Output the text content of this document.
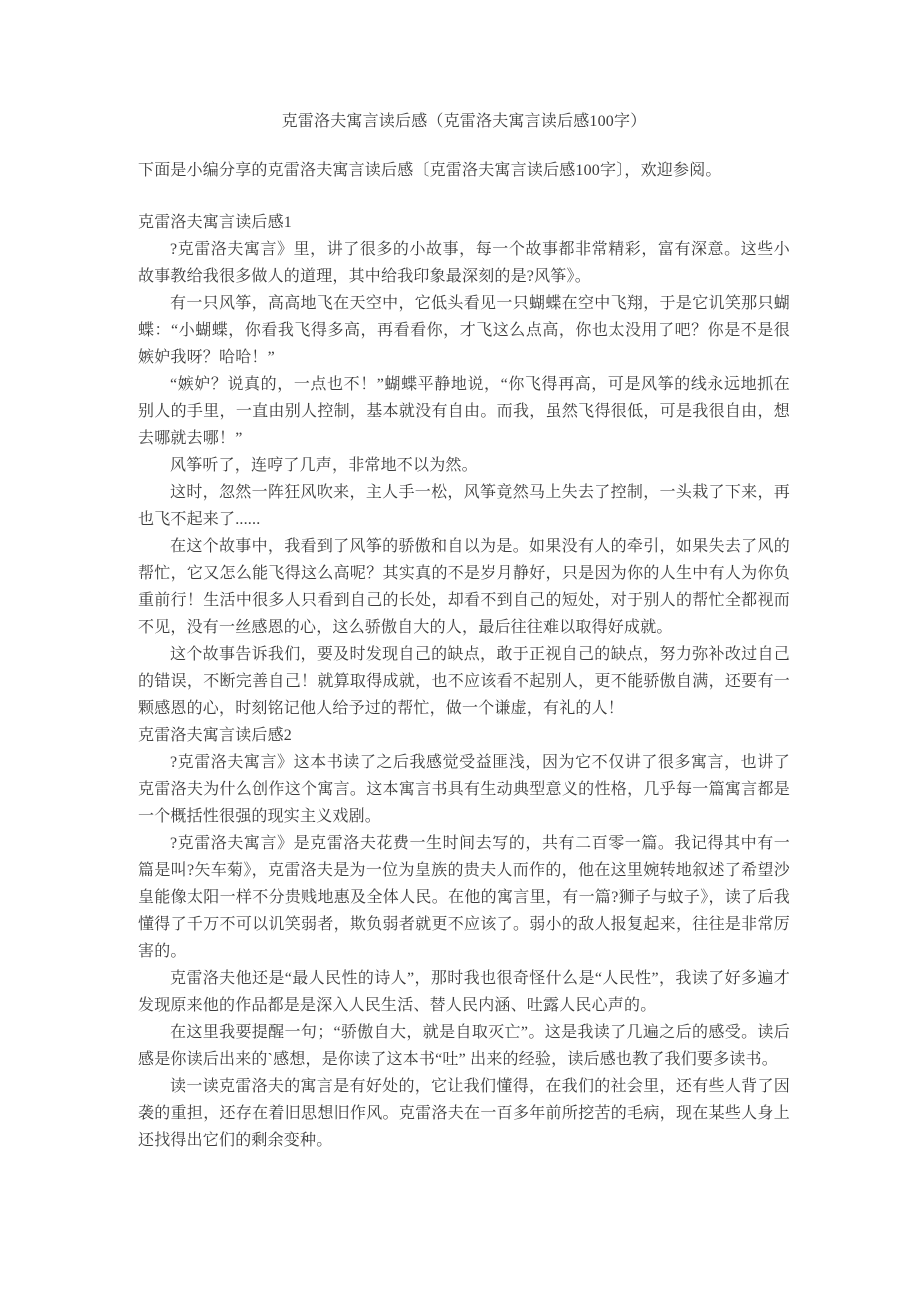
克雷洛夫寓言读后感（克雷洛夫寓言读后感100字）

下面是小编分享的克雷洛夫寓言读后感〔克雷洛夫寓言读后感100字〕，欢迎参阅。

克雷洛夫寓言读后感1

?克雷洛夫寓言》里，讲了很多的小故事，每一个故事都非常精彩，富有深意。这些小故事教给我很多做人的道理，其中给我印象最深刻的是?风筝》。

有一只风筝，高高地飞在天空中，它低头看见一只蝴蝶在空中飞翔，于是它讥笑那只蝴蝶：“小蝴蝶，你看我飞得多高，再看看你，才飞这么点高，你也太没用了吧？你是不是很嫉妒我呀？哈哈！”

“嫉妒？说真的，一点也不！”蝴蝶平静地说，“你飞得再高，可是风筝的线永远地抓在别人的手里，一直由别人控制，基本就没有自由。而我，虽然飞得很低，可是我很自由，想去哪就去哪！”

风筝听了，连哼了几声，非常地不以为然。

这时，忽然一阵狂风吹来，主人手一松，风筝竟然马上失去了控制，一头栽了下来，再也飞不起来了......

在这个故事中，我看到了风筝的骄傲和自以为是。如果没有人的牵引，如果失去了风的帮忙，它又怎么能飞得这么高呢？其实真的不是岁月静好，只是因为你的人生中有人为你负重前行！生活中很多人只看到自己的长处，却看不到自己的短处，对于别人的帮忙全都视而不见，没有一丝感恩的心，这么骄傲自大的人，最后往往难以取得好成就。

这个故事告诉我们，要及时发现自己的缺点，敢于正视自己的缺点，努力弥补改过自己的错误，不断完善自己！就算取得成就，也不应该看不起别人，更不能骄傲自满，还要有一颗感恩的心，时刻铭记他人给予过的帮忙，做一个谦虚，有礼的人！

克雷洛夫寓言读后感2

?克雷洛夫寓言》这本书读了之后我感觉受益匪浅，因为它不仅讲了很多寓言，也讲了克雷洛夫为什么创作这个寓言。这本寓言书具有生动典型意义的性格，几乎每一篇寓言都是一个概括性很强的现实主义戏剧。

?克雷洛夫寓言》是克雷洛夫花费一生时间去写的，共有二百零一篇。我记得其中有一篇是叫?矢车菊》，克雷洛夫是为一位为皇族的贵夫人而作的，他在这里婉转地叙述了希望沙皇能像太阳一样不分贵贱地惠及全体人民。在他的寓言里，有一篇?狮子与蚊子》，读了后我懂得了千万不可以讥笑弱者，欺负弱者就更不应该了。弱小的敌人报复起来，往往是非常厉害的。

克雷洛夫他还是“最人民性的诗人”，那时我也很奇怪什么是“人民性”，我读了好多遍才发现原来他的作品都是是深入人民生活、替人民内涵、吐露人民心声的。

在这里我要提醒一句；“骄傲自大，就是自取灭亡”。这是我读了几遍之后的感受。读后感是你读后出来的`感想，是你读了这本书“吐” 出来的经验，读后感也教了我们要多读书。

读一读克雷洛夫的寓言是有好处的，它让我们懂得，在我们的社会里，还有些人背了因袭的重担，还存在着旧思想旧作风。克雷洛夫在一百多年前所挖苦的毛病，现在某些人身上还找得出它们的剩余变种。
